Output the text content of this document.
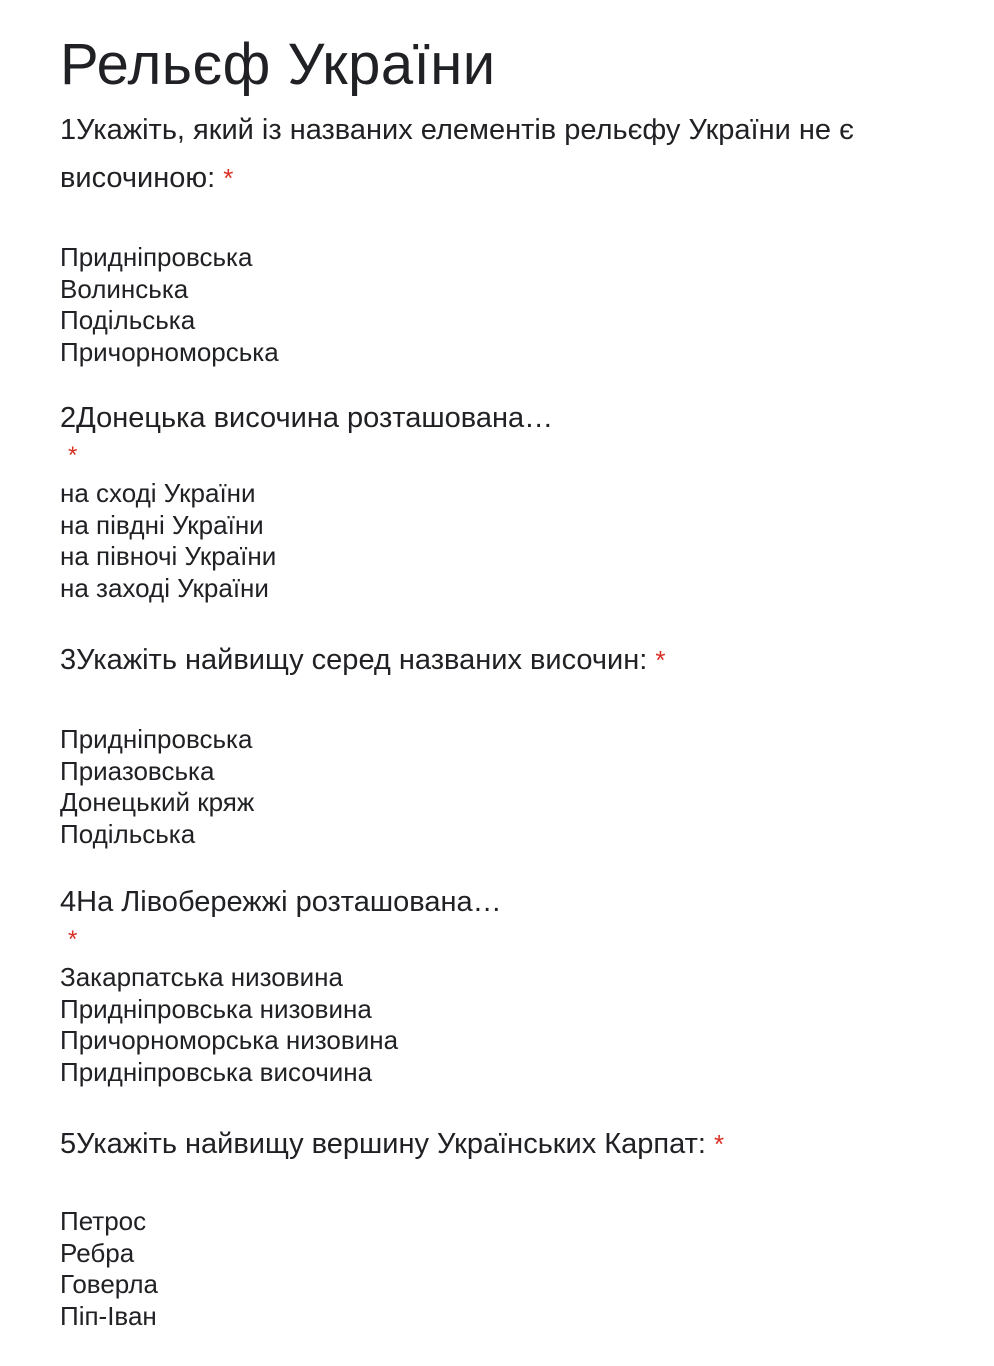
Рельєф України

1Укажіть, який із названих елементів рельєфу України не є височиною: *

Придніпровська
Волинська
Подільська
Причорноморська

2Донецька височина розташована…

*
на сході України
на півдні України
на півночі України
на заході України

3Укажіть найвищу серед названих височин: *

Придніпровська
Приазовська
Донецький кряж
Подільська

4На Лівобережжі розташована…

*
Закарпатська низовина
Придніпровська низовина
Причорноморська низовина
Придніпровська височина

5Укажіть найвищу вершину Українських Карпат: *

Петрос
Ребра
Говерла
Піп-Іван
